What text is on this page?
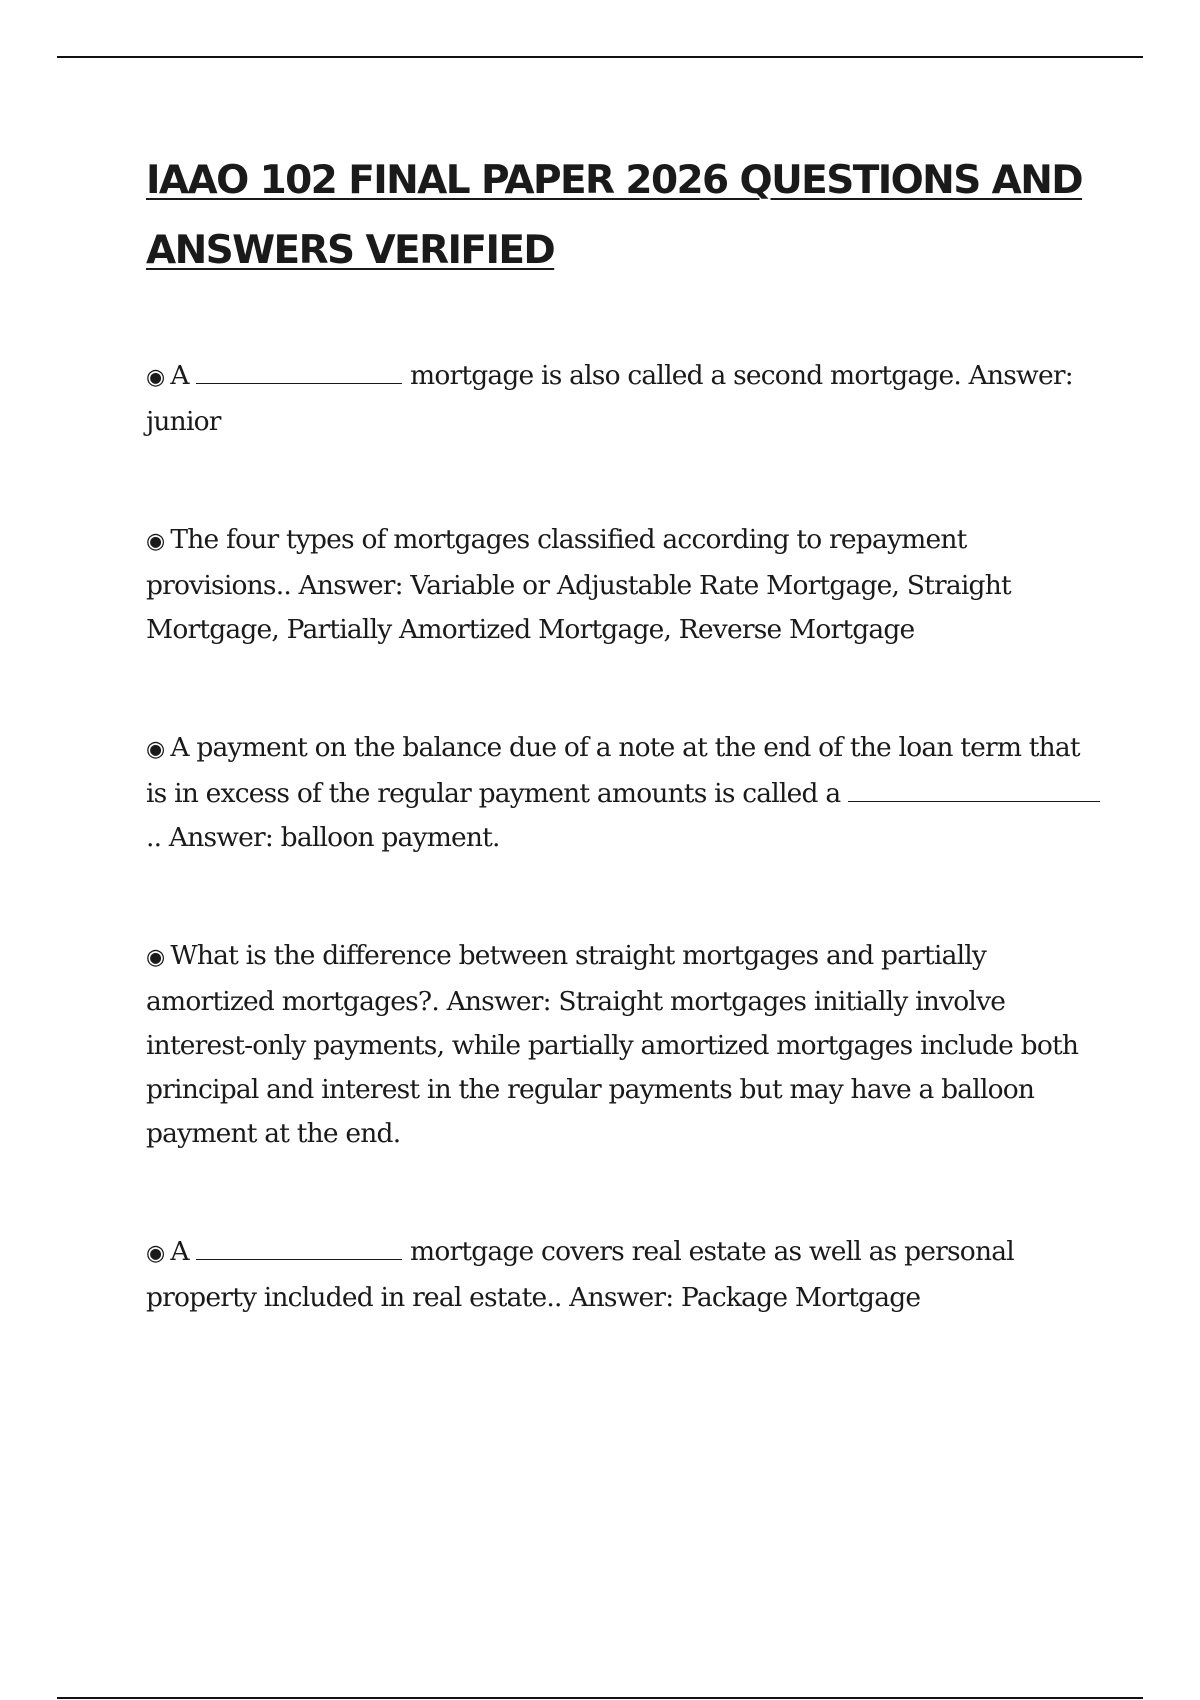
IAAO 102 FINAL PAPER 2026 QUESTIONS AND ANSWERS VERIFIED

◉ A	mortgage is also called a second mortgage. Answer: junior

◉ The four types of mortgages classified according to repayment provisions.. Answer: Variable or Adjustable Rate Mortgage, Straight Mortgage, Partially Amortized Mortgage, Reverse Mortgage

◉ A payment on the balance due of a note at the end of the loan term that is in excess of the regular payment amounts is called a .. Answer: balloon payment.

◉ What is the difference between straight mortgages and partially amortized mortgages?. Answer: Straight mortgages initially involve interest-only payments, while partially amortized mortgages include both principal and interest in the regular payments but may have a balloon payment at the end.

◉ A	mortgage covers real estate as well as personal property included in real estate.. Answer: Package Mortgage
